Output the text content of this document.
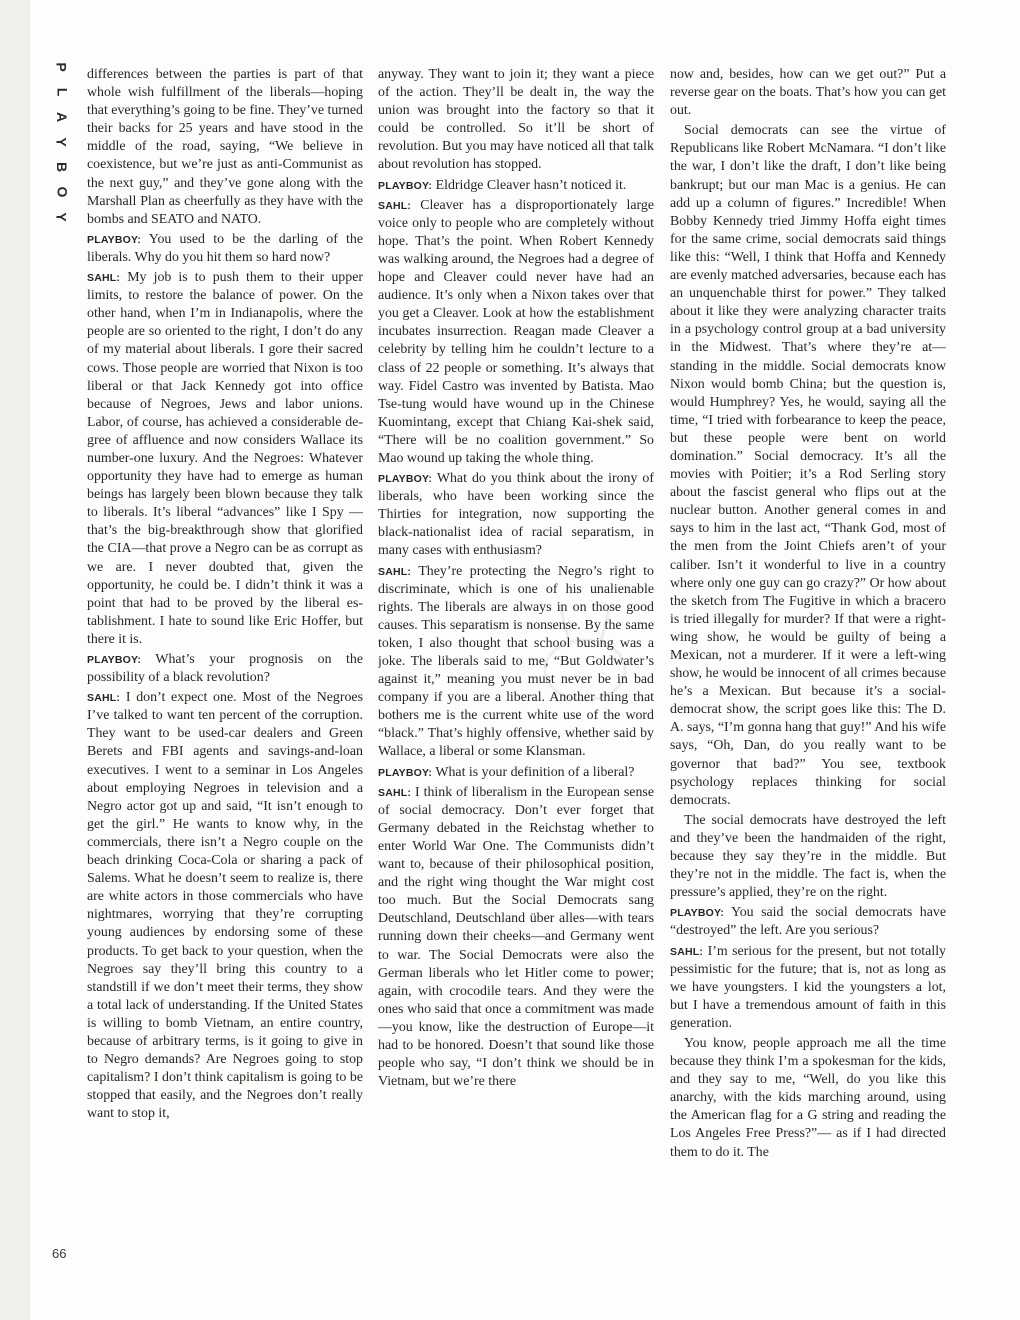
P
L
A
Y
B
O
Y

differences between the parties is part of that whole wish fulfillment of the liberals—hoping that everything’s going to be fine. They’ve turned their backs for 25 years and have stood in the middle of the road, saying, “We believe in coexistence, but we’re just as anti-Communist as the next guy,” and they’ve gone along with the Marshall Plan as cheerfully as they have with the bombs and SEATO and NATO.

PLAYBOY: You used to be the darling of the liberals. Why do you hit them so hard now?

SAHL: My job is to push them to their upper limits, to restore the balance of power. On the other hand, when I’m in Indianapolis, where the people are so oriented to the right, I don’t do any of my material about liberals. I gore their sacred cows. Those people are worried that Nixon is too liberal or that Jack Kennedy got into office because of Negroes, Jews and labor unions. Labor, of course, has achieved a considerable degree of affluence and now considers Wallace its number-one luxury. And the Negroes: Whatever opportunity they have had to emerge as human beings has largely been blown because they talk to liberals. It’s liberal “advances” like I Spy —that’s the big-breakthrough show that glorified the CIA—that prove a Negro can be as corrupt as we are. I never doubted that, given the opportunity, he could be. I didn’t think it was a point that had to be proved by the liberal establishment. I hate to sound like Eric Hoffer, but there it is.

PLAYBOY: What’s your prognosis on the possibility of a black revolution?

SAHL: I don’t expect one. Most of the Negroes I’ve talked to want ten percent of the corruption. They want to be used-car dealers and Green Berets and FBI agents and savings-and-loan executives. I went to a seminar in Los Angeles about employing Negroes in television and a Negro actor got up and said, “It isn’t enough to get the girl.” He wants to know why, in the commercials, there isn’t a Negro couple on the beach drinking Coca-Cola or sharing a pack of Salems. What he doesn’t seem to realize is, there are white actors in those commercials who have nightmares, worrying that they’re corrupting young audiences by endorsing some of these products. To get back to your question, when the Negroes say they’ll bring this country to a standstill if we don’t meet their terms, they show a total lack of understanding. If the United States is willing to bomb Vietnam, an entire country, because of arbitrary terms, is it going to give in to Negro demands? Are Negroes going to stop capitalism? I don’t think capitalism is going to be stopped that easily, and the Negroes don’t really want to stop it,

anyway. They want to join it; they want a piece of the action. They’ll be dealt in, the way the union was brought into the factory so that it could be controlled. So it’ll be short of revolution. But you may have noticed all that talk about revolution has stopped.

PLAYBOY: Eldridge Cleaver hasn’t noticed it.

SAHL: Cleaver has a disproportionately large voice only to people who are completely without hope. That’s the point. When Robert Kennedy was walking around, the Negroes had a degree of hope and Cleaver could never have had an audience. It’s only when a Nixon takes over that you get a Cleaver. Look at how the establishment incubates insurrection. Reagan made Cleaver a celebrity by telling him he couldn’t lecture to a class of 22 people or something. It’s always that way. Fidel Castro was invented by Batista. Mao Tse-tung would have wound up in the Chinese Kuomintang, except that Chiang Kai-shek said, “There will be no coalition government.” So Mao wound up taking the whole thing.

PLAYBOY: What do you think about the irony of liberals, who have been working since the Thirties for integration, now supporting the black-nationalist idea of racial separatism, in many cases with enthusiasm?

SAHL: They’re protecting the Negro’s right to discriminate, which is one of his unalienable rights. The liberals are always in on those good causes. This separatism is nonsense. By the same token, I also thought that school busing was a joke. The liberals said to me, “But Goldwater’s against it,” meaning you must never be in bad company if you are a liberal. Another thing that bothers me is the current white use of the word “black.” That’s highly offensive, whether said by Wallace, a liberal or some Klansman.

PLAYBOY: What is your definition of a liberal?

SAHL: I think of liberalism in the European sense of social democracy. Don’t ever forget that Germany debated in the Reichstag whether to enter World War One. The Communists didn’t want to, because of their philosophical position, and the right wing thought the War might cost too much. But the Social Democrats sang Deutschland, Deutschland über alles—with tears running down their cheeks—and Germany went to war. The Social Democrats were also the German liberals who let Hitler come to power; again, with crocodile tears. And they were the ones who said that once a commitment was made—you know, like the destruction of Europe—it had to be honored. Doesn’t that sound like those people who say, “I don’t think we should be in Vietnam, but we’re there

now and, besides, how can we get out?” Put a reverse gear on the boats. That’s how you can get out.

Social democrats can see the virtue of Republicans like Robert McNamara. “I don’t like the war, I don’t like the draft, I don’t like being bankrupt; but our man Mac is a genius. He can add up a column of figures.” Incredible! When Bobby Kennedy tried Jimmy Hoffa eight times for the same crime, social democrats said things like this: “Well, I think that Hoffa and Kennedy are evenly matched adversaries, because each has an unquenchable thirst for power.” They talked about it like they were analyzing character traits in a psychology control group at a bad university in the Midwest. That’s where they’re at— standing in the middle. Social democrats know Nixon would bomb China; but the question is, would Humphrey? Yes, he would, saying all the time, “I tried with forbearance to keep the peace, but these people were bent on world domination.” Social democracy. It’s all the movies with Poitier; it’s a Rod Serling story about the fascist general who flips out at the nuclear button. Another general comes in and says to him in the last act, “Thank God, most of the men from the Joint Chiefs aren’t of your caliber. Isn’t it wonderful to live in a country where only one guy can go crazy?” Or how about the sketch from The Fugitive in which a bracero is tried illegally for murder? If that were a right-wing show, he would be guilty of being a Mexican, not a murderer. If it were a left-wing show, he would be innocent of all crimes because he’s a Mexican. But because it’s a social-democrat show, the script goes like this: The D. A. says, “I’m gonna hang that guy!” And his wife says, “Oh, Dan, do you really want to be governor that bad?” You see, textbook psychology replaces thinking for social democrats.

The social democrats have destroyed the left and they’ve been the handmaiden of the right, because they say they’re in the middle. But they’re not in the middle. The fact is, when the pressure’s applied, they’re on the right.

PLAYBOY: You said the social democrats have “destroyed” the left. Are you serious?

SAHL: I’m serious for the present, but not totally pessimistic for the future; that is, not as long as we have youngsters. I kid the youngsters a lot, but I have a tremendous amount of faith in this generation.

You know, people approach me all the time because they think I’m a spokesman for the kids, and they say to me, “Well, do you like this anarchy, with the kids marching around, using the American flag for a G string and reading the Los Angeles Free Press?”— as if I had directed them to do it. The

66
